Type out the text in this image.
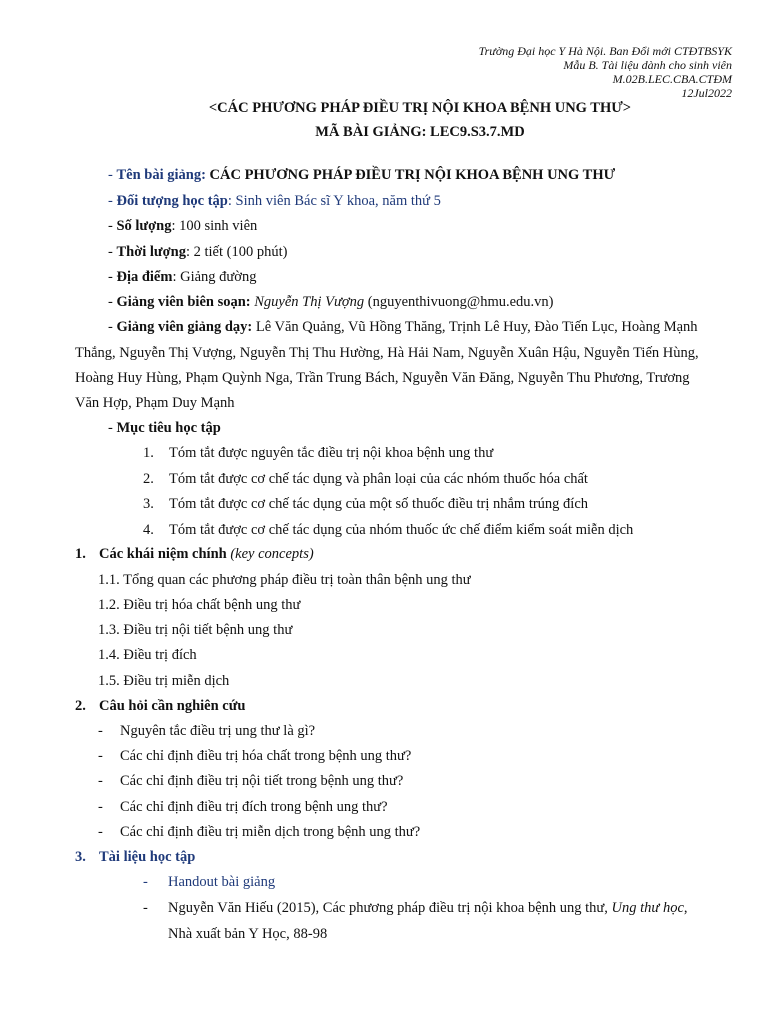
Trường Đại học Y Hà Nội. Ban Đổi mới CTĐTBSYK
Mẫu B. Tài liệu dành cho sinh viên
M.02B.LEC.CBA.CTĐM
12Jul2022
<CÁC PHƯƠNG PHÁP ĐIỀU TRỊ NỘI KHOA BỆNH UNG THƯ>
MÃ BÀI GIẢNG: LEC9.S3.7.MD
- Tên bài giảng: CÁC PHƯƠNG PHÁP ĐIỀU TRỊ NỘI KHOA BỆNH UNG THƯ
- Đối tượng học tập: Sinh viên Bác sĩ Y khoa, năm thứ 5
- Số lượng: 100 sinh viên
- Thời lượng: 2 tiết (100 phút)
- Địa điểm: Giảng đường
- Giảng viên biên soạn: Nguyễn Thị Vượng (nguyenthivuong@hmu.edu.vn)
- Giảng viên giảng dạy: Lê Văn Quảng, Vũ Hồng Thăng, Trịnh Lê Huy, Đào Tiến Lục, Hoàng Mạnh
Thắng, Nguyễn Thị Vượng, Nguyễn Thị Thu Hường, Hà Hải Nam, Nguyễn Xuân Hậu, Nguyễn Tiến Hùng,
Hoàng Huy Hùng, Phạm Quỳnh Nga, Trần Trung Bách, Nguyễn Văn Đăng, Nguyễn Thu Phương, Trương
Văn Hợp, Phạm Duy Mạnh
- Mục tiêu học tập
1. Tóm tắt được nguyên tắc điều trị nội khoa bệnh ung thư
2. Tóm tắt được cơ chế tác dụng và phân loại của các nhóm thuốc hóa chất
3. Tóm tắt được cơ chế tác dụng của một số thuốc điều trị nhắm trúng đích
4. Tóm tắt được cơ chế tác dụng của nhóm thuốc ức chế điểm kiểm soát miễn dịch
1. Các khái niệm chính (key concepts)
1.1. Tổng quan các phương pháp điều trị toàn thân bệnh ung thư
1.2. Điều trị hóa chất bệnh ung thư
1.3. Điều trị nội tiết bệnh ung thư
1.4. Điều trị đích
1.5. Điều trị miễn dịch
2. Câu hỏi cần nghiên cứu
- Nguyên tắc điều trị ung thư là gì?
- Các chỉ định điều trị hóa chất trong bệnh ung thư?
- Các chỉ định điều trị nội tiết trong bệnh ung thư?
- Các chỉ định điều trị đích trong bệnh ung thư?
- Các chỉ định điều trị miễn dịch trong bệnh ung thư?
3. Tài liệu học tập
- Handout bài giảng
- Nguyễn Văn Hiếu (2015), Các phương pháp điều trị nội khoa bệnh ung thư, Ung thư học,
Nhà xuất bản Y Học, 88-98
